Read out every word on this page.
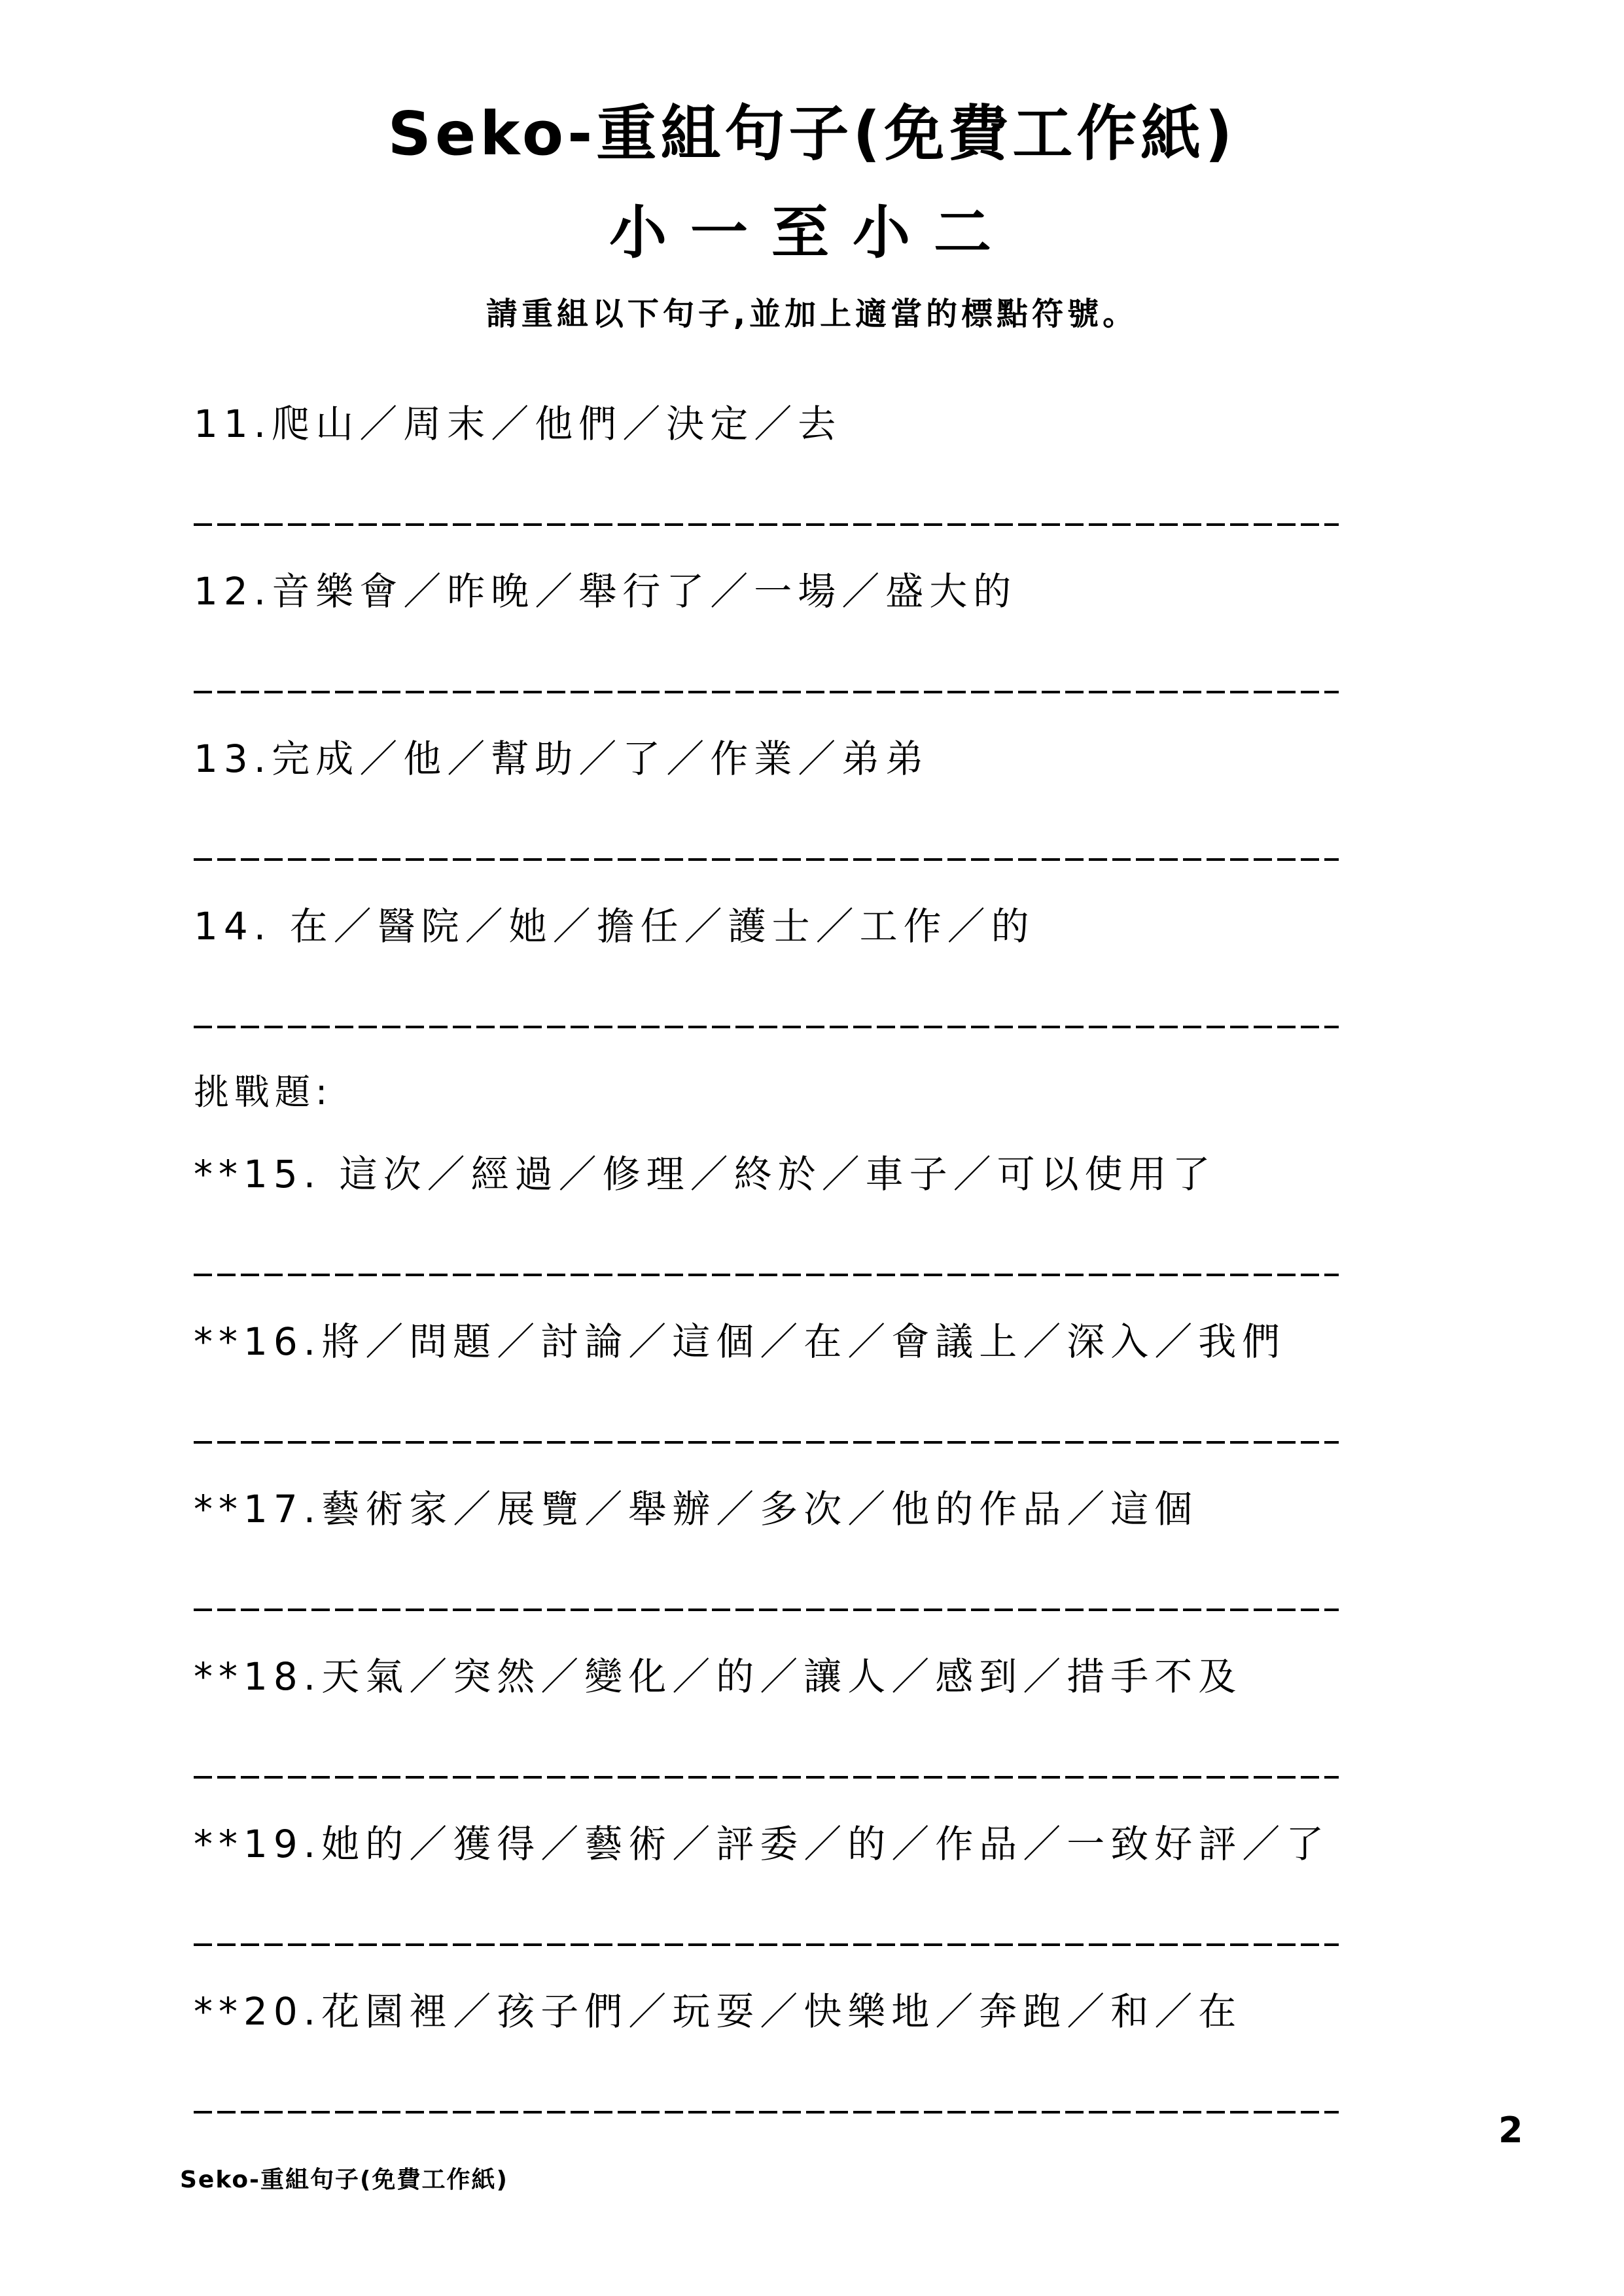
Seko-重組句子(免費工作紙)
小一至小二
請重組以下句子,並加上適當的標點符號。
11.爬山／周末／他們／決定／去
12.音樂會／昨晚／舉行了／一場／盛大的
13.完成／他／幫助／了／作業／弟弟
14. 在／醫院／她／擔任／護士／工作／的
**15. 這次／經過／修理／終於／車子／可以使用了
**16.將／問題／討論／這個／在／會議上／深入／我們
**17.藝術家／展覽／舉辦／多次／他的作品／這個
**18.天氣／突然／變化／的／讓人／感到／措手不及
**19.她的／獲得／藝術／評委／的／作品／一致好評／了
**20.花園裡／孩子們／玩耍／快樂地／奔跑／和／在
挑戰題:
2
Seko-重組句子(免費工作紙)
